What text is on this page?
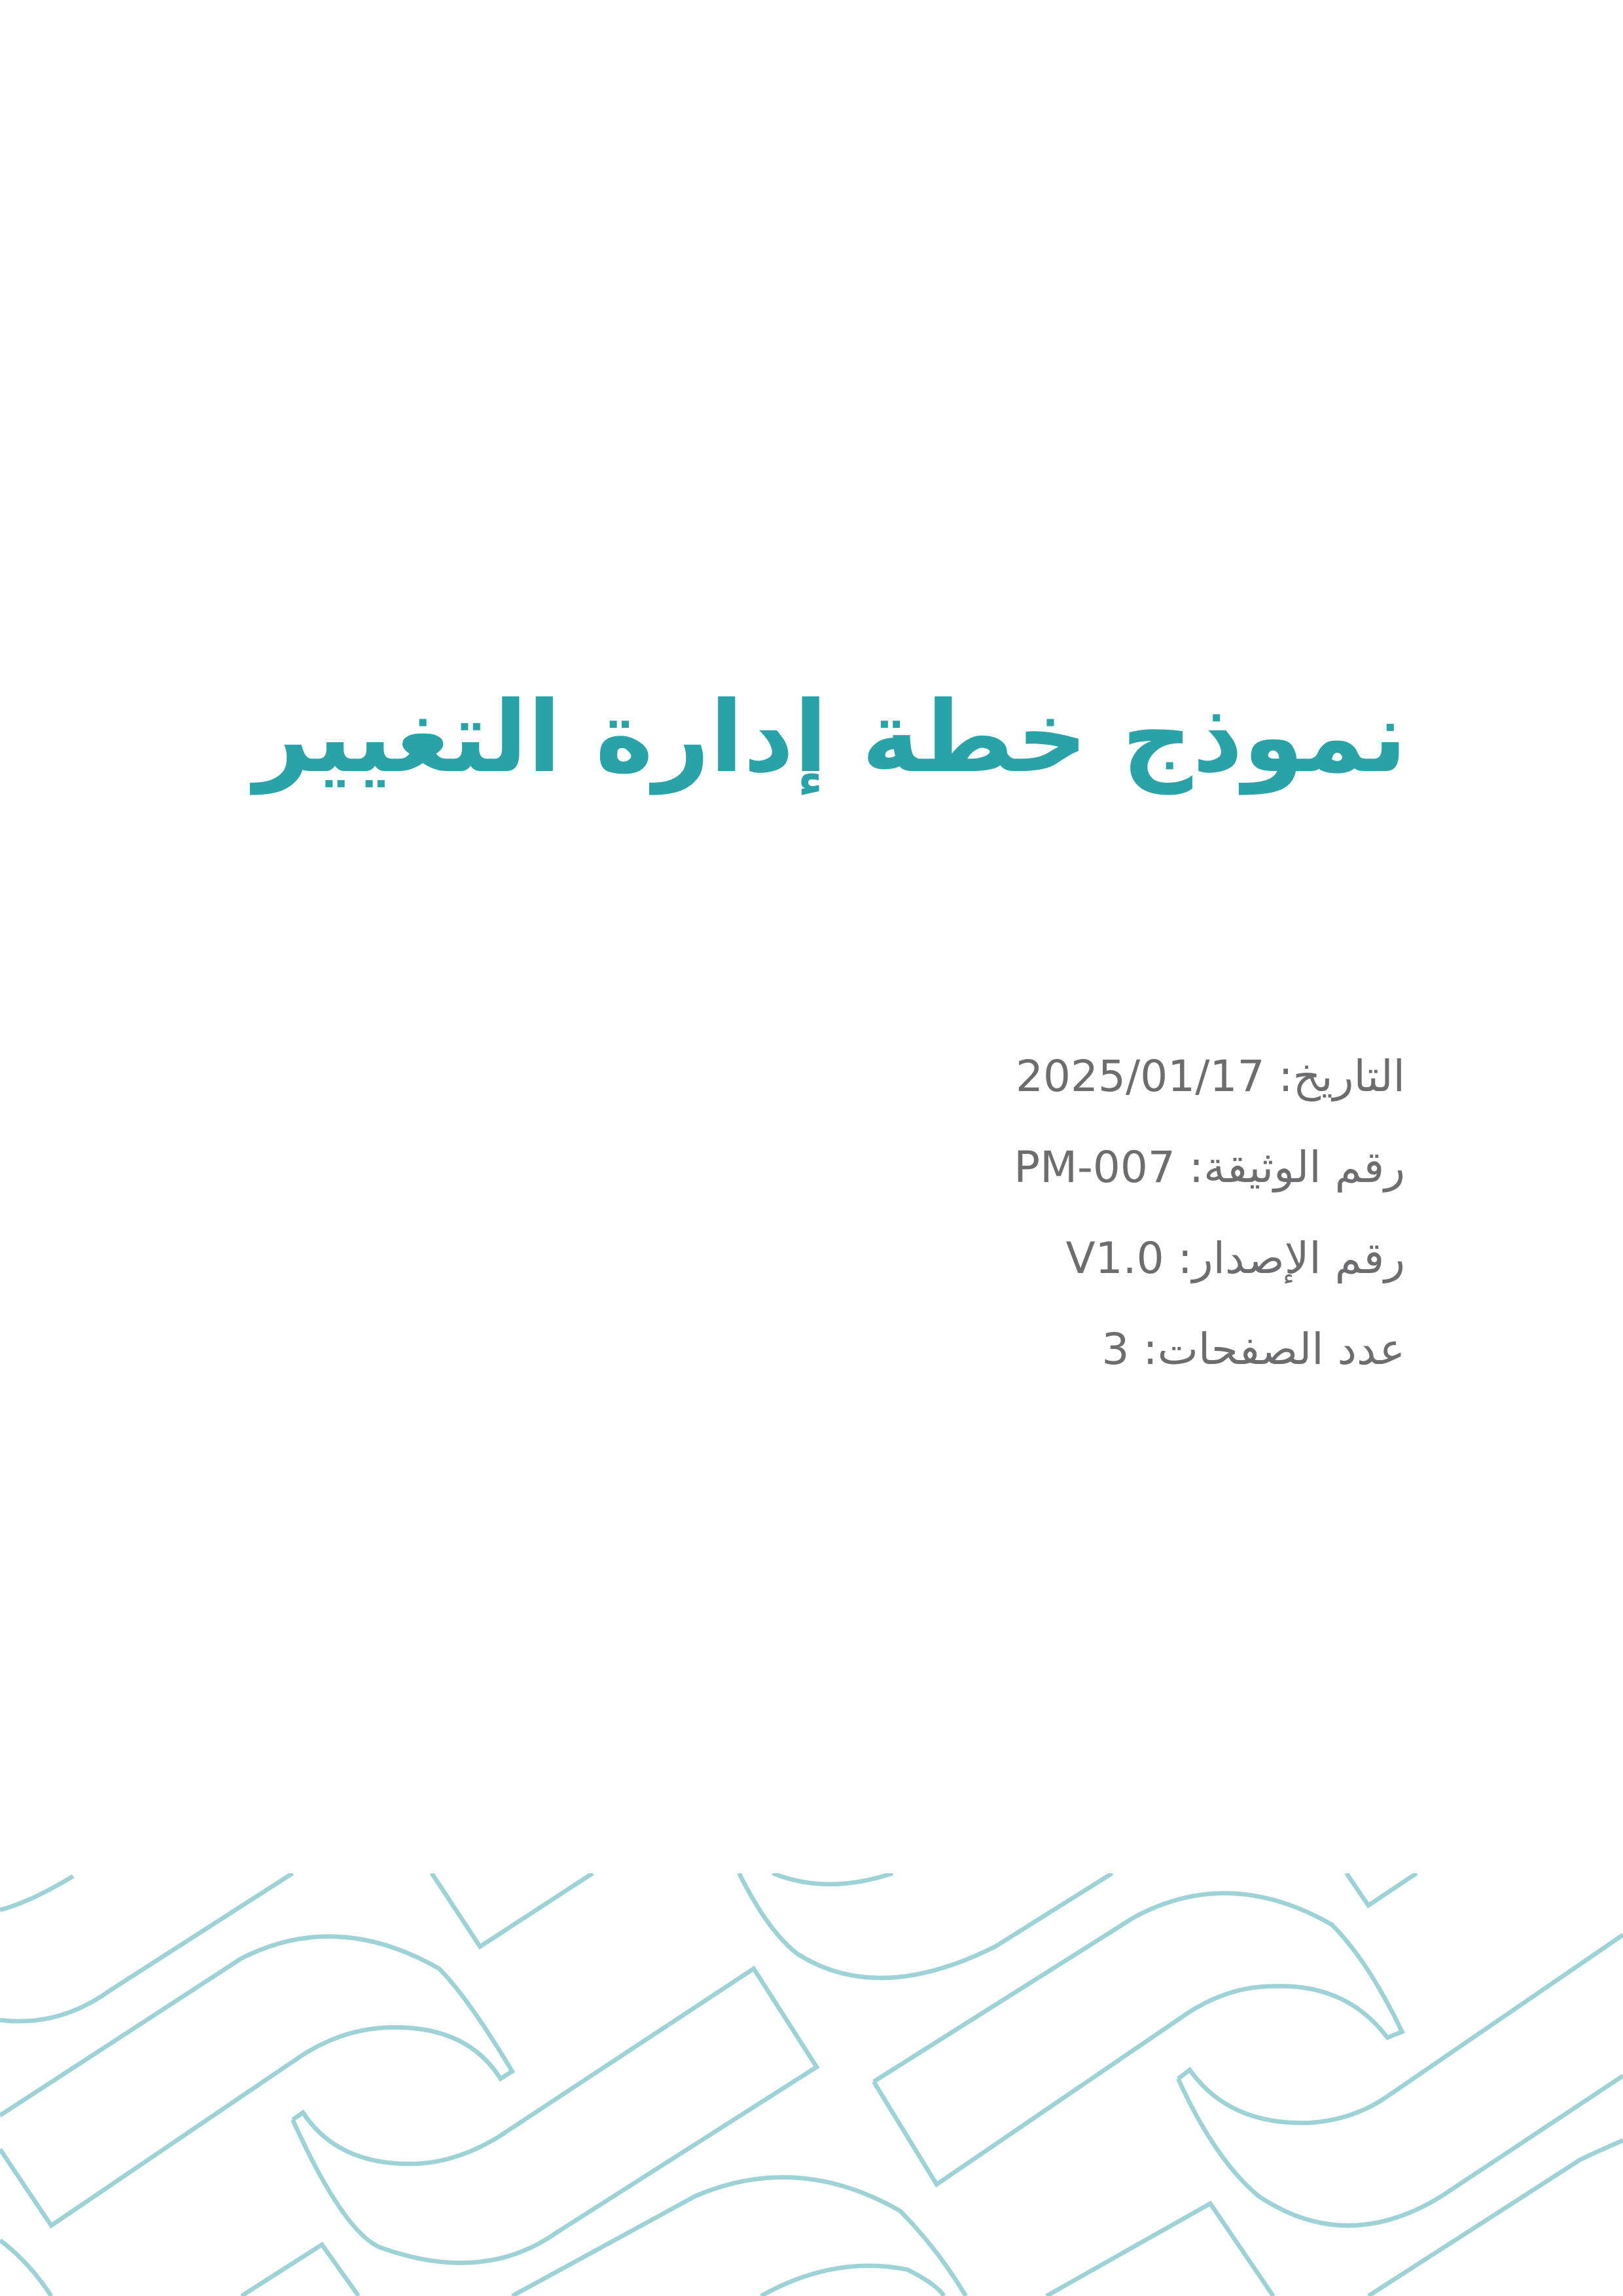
نموذج خطة إدارة التغيير
التاريخ: 2025/01/17
رقم الوثيقة: PM-007
رقم الإصدار: V1.0
عدد الصفحات: 3
